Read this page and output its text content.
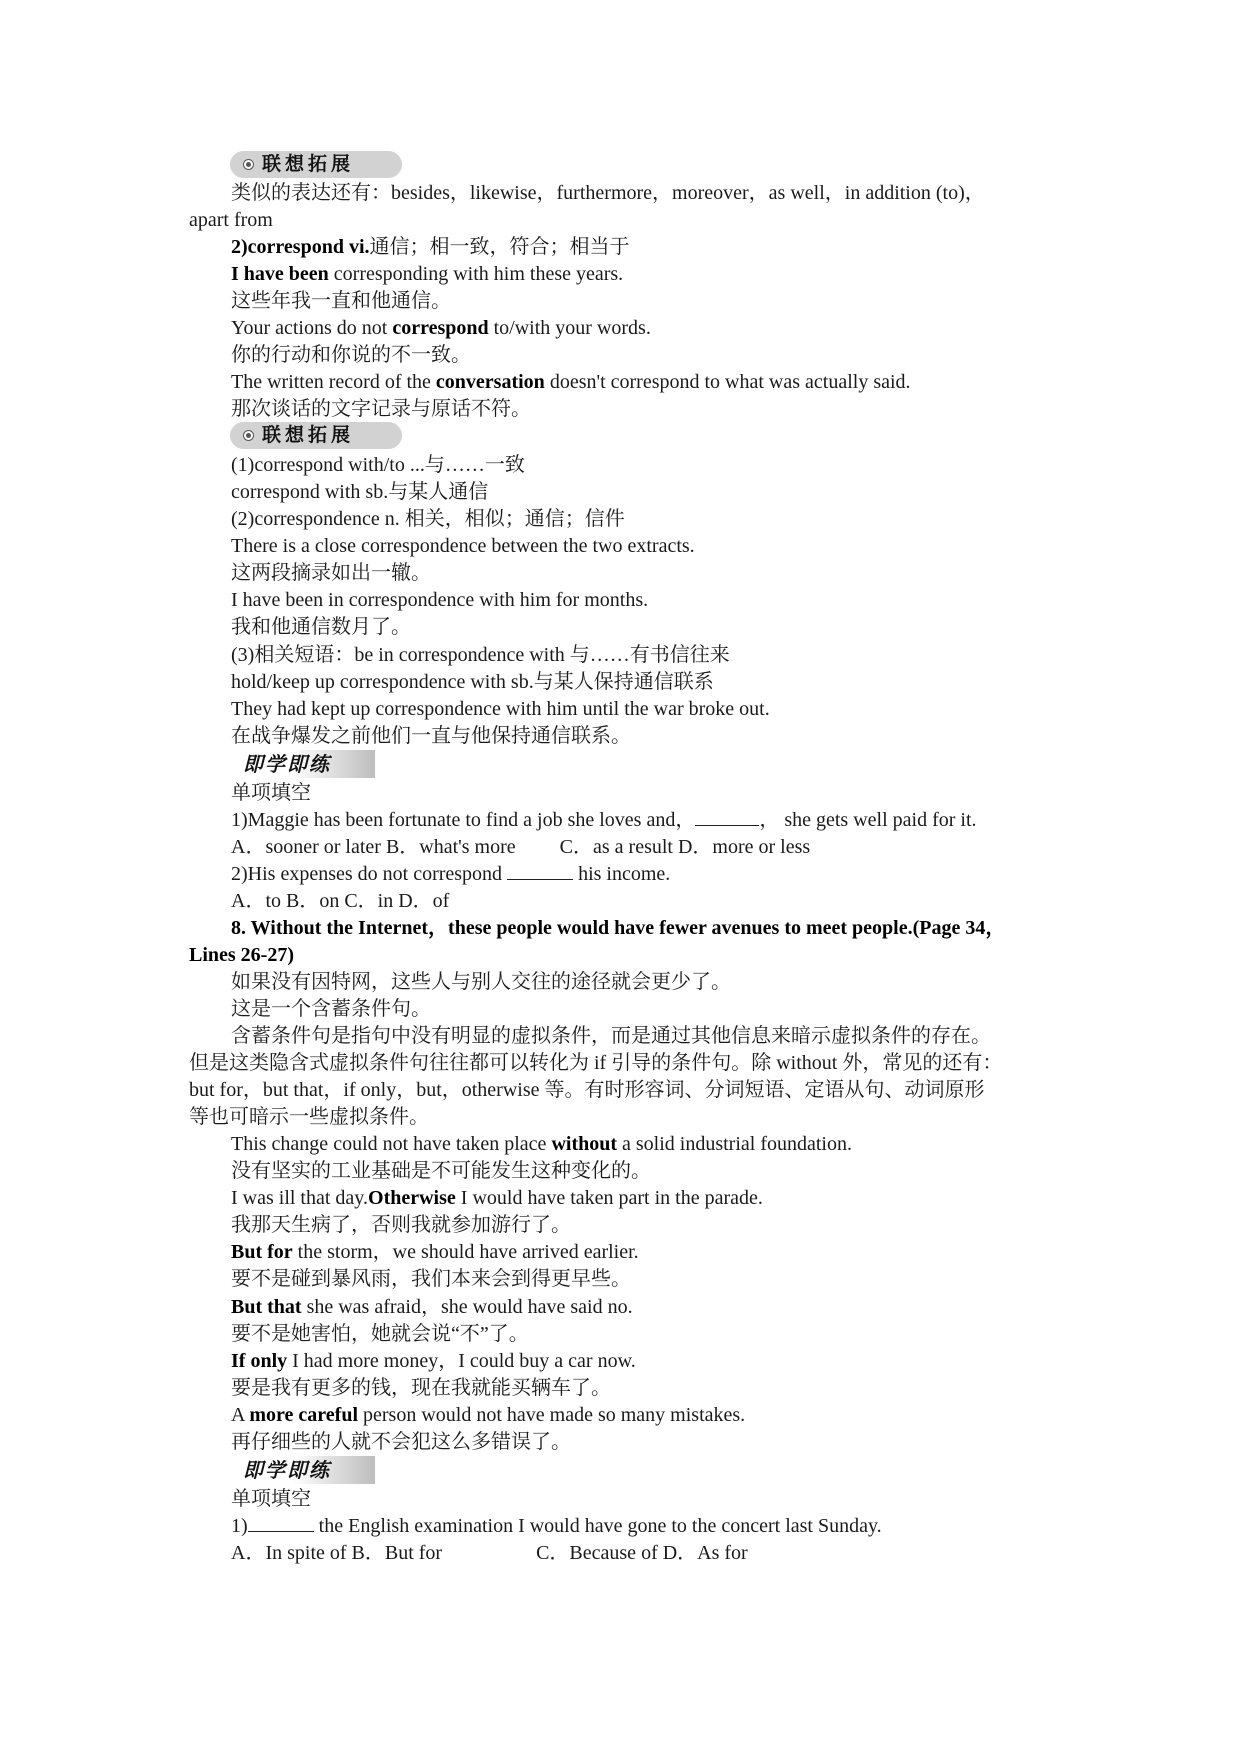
联想拓展
类似的表达还有：besides，likewise，furthermore，moreover，as well，in addition (to)，
apart from
2)correspond vi.通信；相一致，符合；相当于
I have been corresponding with him these years.
这些年我一直和他通信。
Your actions do not correspond to/with your words.
你的行动和你说的不一致。
The written record of the conversation doesn't correspond to what was actually said.
那次谈话的文字记录与原话不符。
联想拓展
(1)correspond with/to ...与……一致
correspond with sb.与某人通信
(2)correspondence n. 相关，相似；通信；信件
There is a close correspondence between the two extracts.
这两段摘录如出一辙。
I have been in correspondence with him for months.
我和他通信数月了。
(3)相关短语：be in correspondence with 与……有书信往来
hold/keep up correspondence with sb.与某人保持通信联系
They had kept up correspondence with him until the war broke out.
在战争爆发之前他们一直与他保持通信联系。
即学即练
单项填空
1)Maggie has been fortunate to find a job she loves and，	， she gets well paid for it.
A．sooner or later B．what's more C．as a result D．more or less
2)His expenses do not correspond	his income.
A．to B．on C．in D．of
8. Without the Internet，these people would have fewer avenues to meet people.(Page 34，
Lines 26-27)
如果没有因特网，这些人与别人交往的途径就会更少了。
这是一个含蓄条件句。
含蓄条件句是指句中没有明显的虚拟条件，而是通过其他信息来暗示虚拟条件的存在。
但是这类隐含式虚拟条件句往往都可以转化为 if 引导的条件句。除 without 外，常见的还有：
but for，but that，if only，but，otherwise 等。有时形容词、分词短语、定语从句、动词原形
等也可暗示一些虚拟条件。
This change could not have taken place without a solid industrial foundation.
没有坚实的工业基础是不可能发生这种变化的。
I was ill that day.Otherwise I would have taken part in the parade.
我那天生病了，否则我就参加游行了。
But for the storm，we should have arrived earlier.
要不是碰到暴风雨，我们本来会到得更早些。
But that she was afraid，she would have said no.
要不是她害怕，她就会说“不”了。
If only I had more money，I could buy a car now.
要是我有更多的钱，现在我就能买辆车了。
A more careful person would not have made so many mistakes.
再仔细些的人就不会犯这么多错误了。
即学即练
单项填空
1)	the English examination I would have gone to the concert last Sunday.
A．In spite of B．But for	C．Because of D．As for
